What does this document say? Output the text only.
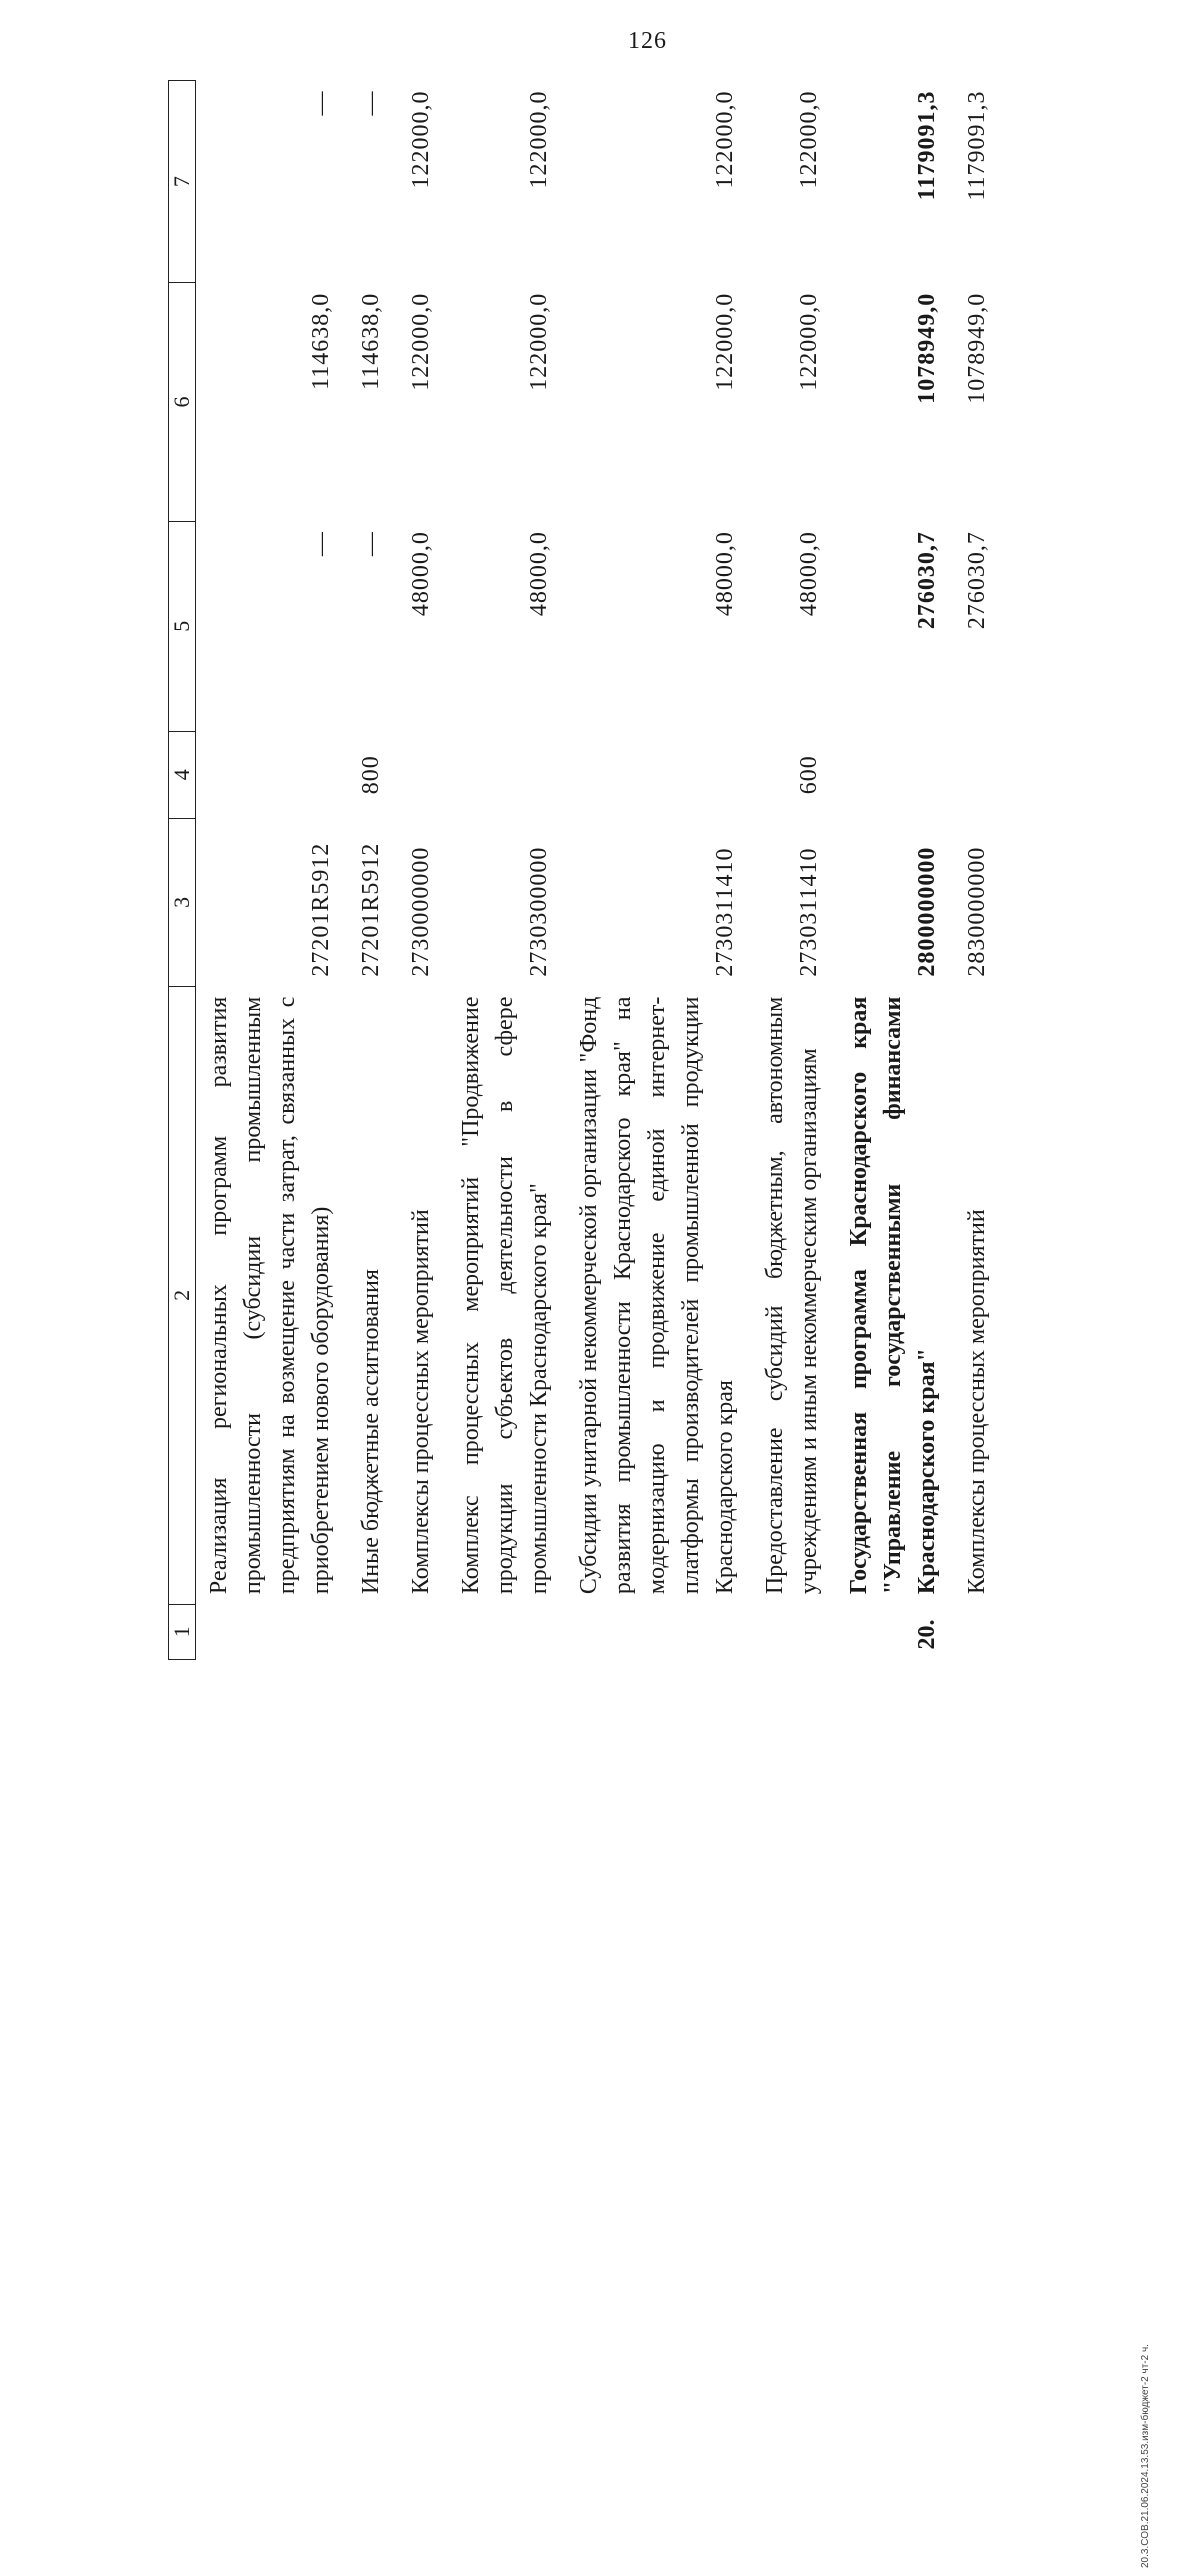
126
1	2	3	4	5	6	7
	Реализация региональных программ развития промышленности (субсидии промышленным предприятиям на возмещение части затрат, связанных с приобретением нового оборудования)	27201R5912		—	114638,0	—
	Иные бюджетные ассигнования	27201R5912	800	—	114638,0	—
	Комплексы процессных мероприятий	2730000000		48000,0	122000,0	122000,0
	Комплекс процессных мероприятий "Продвижение продукции субъектов деятельности в сфере промышленности Краснодарского края"	2730300000		48000,0	122000,0	122000,0
	Субсидии унитарной некоммерческой организации "Фонд развития промышленности Краснодарского края" на модернизацию и продвижение единой интернет-платформы производителей промышленной продукции Краснодарского края	2730311410		48000,0	122000,0	122000,0
	Предоставление субсидий бюджетным, автономным учреждениям и иным некоммерческим организациям	2730311410	600	48000,0	122000,0	122000,0
20.	Государственная программа Краснодарского края "Управление государственными финансами Краснодарского края"	2800000000		276030,7	1078949,0	1179091,3
	Комплексы процессных мероприятий	2830000000		276030,7	1078949,0	1179091,3
20.3.СОВ.21.06.2024.13.53.изм-бюджет-2 чт-2 ч.
